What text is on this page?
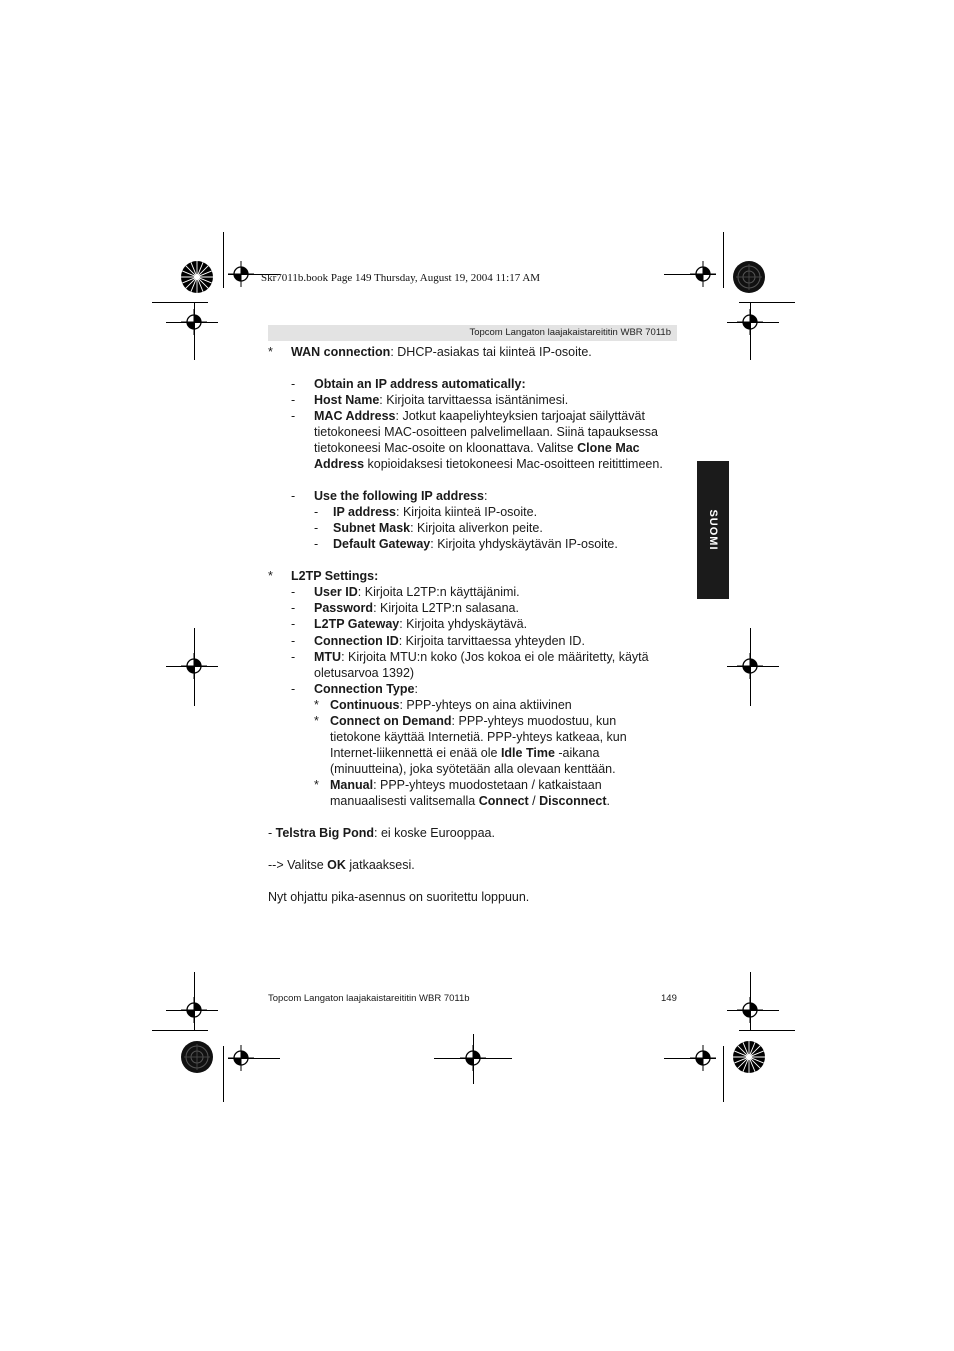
Skr7011b.book Page 149 Thursday, August 19, 2004 11:17 AM
Topcom Langaton laajakaistareititin WBR 7011b
SUOMI
* WAN connection: DHCP-asiakas tai kiinteä IP-osoite.
- Obtain an IP address automatically:
- Host Name: Kirjoita tarvittaessa isäntänimesi.
- MAC Address: Jotkut kaapeliyhteyksien tarjoajat säilyttävät
tietokoneesi MAC-osoitteen palvelimellaan. Siinä tapauksessa
tietokoneesi Mac-osoite on kloonattava. Valitse Clone Mac
Address kopioidaksesi tietokoneesi Mac-osoitteen reitittimeen.
- Use the following IP address:
- IP address: Kirjoita kiinteä IP-osoite.
- Subnet Mask: Kirjoita aliverkon peite.
- Default Gateway: Kirjoita yhdyskäytävän IP-osoite.
* L2TP Settings:
- User ID: Kirjoita L2TP:n käyttäjänimi.
- Password: Kirjoita L2TP:n salasana.
- L2TP Gateway: Kirjoita yhdyskäytävä.
- Connection ID: Kirjoita tarvittaessa yhteyden ID.
- MTU: Kirjoita MTU:n koko (Jos kokoa ei ole määritetty, käytä
oletusarvoa 1392)
- Connection Type:
* Continuous: PPP-yhteys on aina aktiivinen
* Connect on Demand: PPP-yhteys muodostuu, kun
tietokone käyttää Internetiä. PPP-yhteys katkeaa, kun
Internet-liikennettä ei enää ole Idle Time -aikana
(minuutteina), joka syötetään alla olevaan kenttään.
* Manual: PPP-yhteys muodostetaan / katkaistaan
manuaalisesti valitsemalla Connect / Disconnect.
- Telstra Big Pond: ei koske Eurooppaa.
--> Valitse OK jatkaaksesi.
Nyt ohjattu pika-asennus on suoritettu loppuun.
Topcom Langaton laajakaistareititin WBR 7011b	149
